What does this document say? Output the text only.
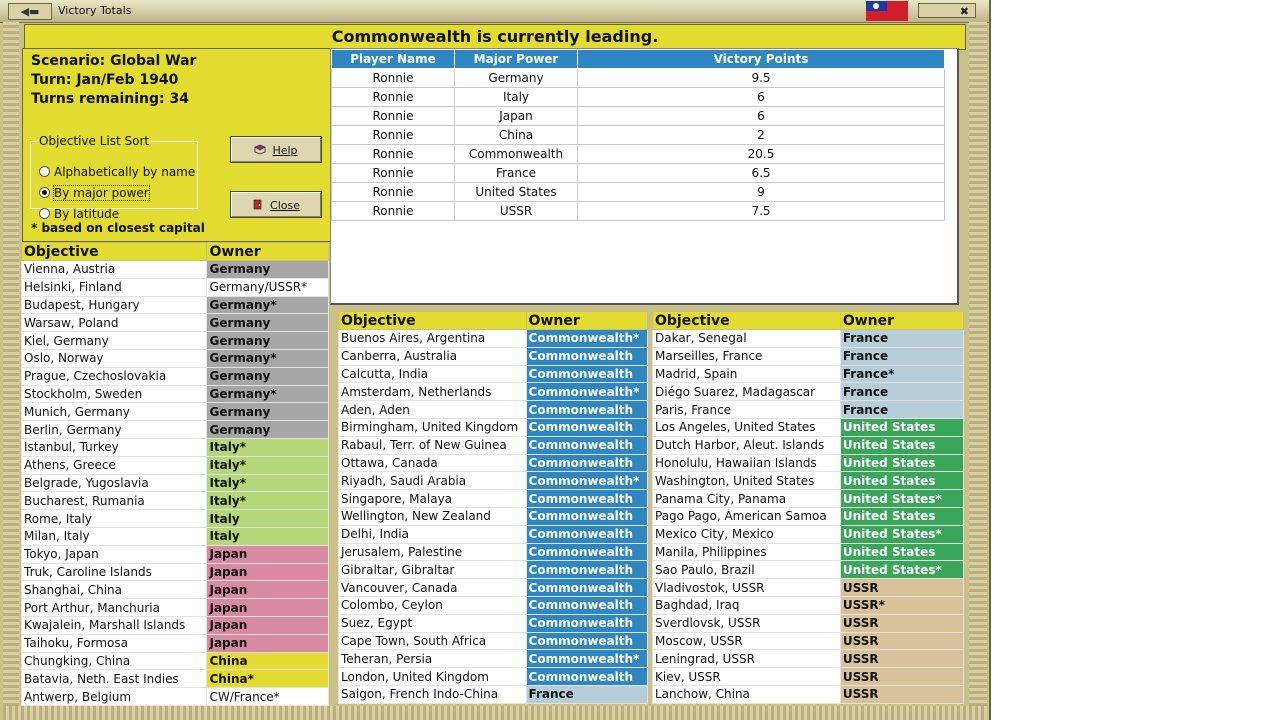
◀▬	Victory Totals	✖
Commonwealth is currently leading.
Scenario: Global War
Turn: Jan/Feb 1940
Turns remaining: 34
Objective List Sort
Alphabetically by name
By major power
By latitude
Help
Close
* based on closest capital
Player Name	Major Power	Victory Points
Ronnie	Germany	9.5
Ronnie	Italy	6
Ronnie	Japan	6
Ronnie	China	2
Ronnie	Commonwealth	20.5
Ronnie	France	6.5
Ronnie	United States	9
Ronnie	USSR	7.5
Objective	Owner
Vienna, Austria	Germany
Helsinki, Finland	Germany/USSR*
Budapest, Hungary	Germany*
Warsaw, Poland	Germany
Kiel, Germany	Germany
Oslo, Norway	Germany*
Prague, Czechoslovakia	Germany
Stockholm, Sweden	Germany*
Munich, Germany	Germany
Berlin, Germany	Germany
Istanbul, Turkey	Italy*
Athens, Greece	Italy*
Belgrade, Yugoslavia	Italy*
Bucharest, Rumania	Italy*
Rome, Italy	Italy
Milan, Italy	Italy
Tokyo, Japan	Japan
Truk, Caroline Islands	Japan
Shanghai, China	Japan
Port Arthur, Manchuria	Japan
Kwajalein, Marshall Islands	Japan
Taihoku, Formosa	Japan
Chungking, China	China
Batavia, Neth. East Indies	China*
Antwerp, Belgium	CW/France*
Objective	Owner
Buenos Aires, Argentina	Commonwealth*
Canberra, Australia	Commonwealth
Calcutta, India	Commonwealth
Amsterdam, Netherlands	Commonwealth*
Aden, Aden	Commonwealth
Birmingham, United Kingdom	Commonwealth
Rabaul, Terr. of New Guinea	Commonwealth
Ottawa, Canada	Commonwealth
Riyadh, Saudi Arabia	Commonwealth*
Singapore, Malaya	Commonwealth
Wellington, New Zealand	Commonwealth
Delhi, India	Commonwealth
Jerusalem, Palestine	Commonwealth
Gibraltar, Gibraltar	Commonwealth
Vancouver, Canada	Commonwealth
Colombo, Ceylon	Commonwealth
Suez, Egypt	Commonwealth
Cape Town, South Africa	Commonwealth
Teheran, Persia	Commonwealth*
London, United Kingdom	Commonwealth
Saigon, French Indo-China	France
Objective	Owner
Dakar, Senegal	France
Marseilles, France	France
Madrid, Spain	France*
Diégo Suarez, Madagascar	France
Paris, France	France
Los Angeles, United States	United States
Dutch Harbor, Aleut. Islands	United States
Honolulu, Hawaiian Islands	United States
Washington, United States	United States
Panama City, Panama	United States*
Pago Pago, American Samoa	United States
Mexico City, Mexico	United States*
Manila, Philippines	United States
Sao Paulo, Brazil	United States*
Vladivostok, USSR	USSR
Baghdad, Iraq	USSR*
Sverdlovsk, USSR	USSR
Moscow, USSR	USSR
Leningrad, USSR	USSR
Kiev, USSR	USSR
Lanchow, China	USSR
